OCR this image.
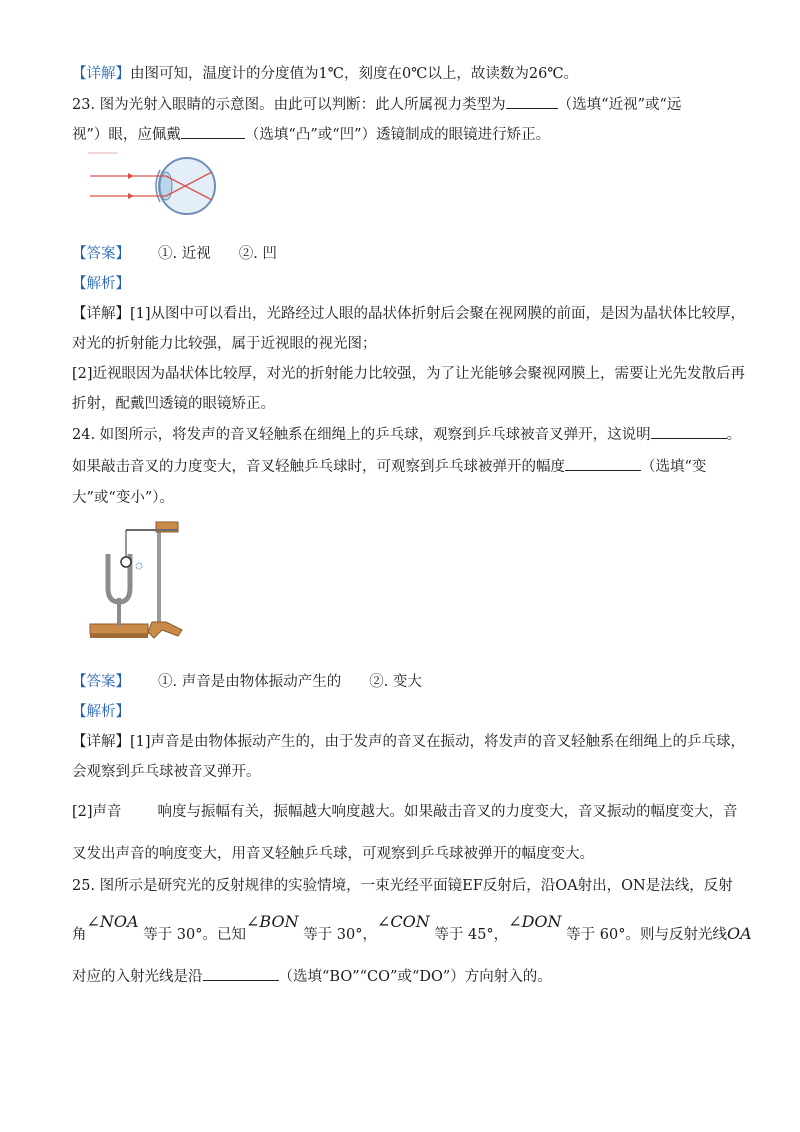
【详解】由图可知，温度计的分度值为1℃，刻度在0℃以上，故读数为26℃。
23. 图为光射入眼睛的示意图。由此可以判断：此人所属视力类型为	（选填“近视”或“远
视”）眼，应佩戴	（选填“凸”或“凹”）透镜制成的眼镜进行矫正。
【答案】 ①. 近视 ②. 凹
【解析】
【详解】[1]从图中可以看出，光路经过人眼的晶状体折射后会聚在视网膜的前面，是因为晶状体比较厚，
对光的折射能力比较强，属于近视眼的视光图；
[2]近视眼因为晶状体比较厚，对光的折射能力比较强，为了让光能够会聚视网膜上，需要让光先发散后再
折射，配戴凹透镜的眼镜矫正。
24. 如图所示，将发声的音叉轻触系在细绳上的乒乓球，观察到乒乓球被音叉弹开，这说明	。
如果敲击音叉的力度变大，音叉轻触乒乓球时，可观察到乒乓球被弹开的幅度	（选填“变
大”或“变小”）。
【答案】 ①. 声音是由物体振动产生的 ②. 变大
【解析】
【详解】[1]声音是由物体振动产生的，由于发声的音叉在振动，将发声的音叉轻触系在细绳上的乒乓球，
会观察到乒乓球被音叉弹开。
[2]声音 响度与振幅有关，振幅越大响度越大。如果敲击音叉的力度变大，音叉振动的幅度变大，音
叉发出声音的响度变大，用音叉轻触乒乓球，可观察到乒乓球被弹开的幅度变大。
25. 图所示是研究光的反射规律的实验情境，一束光经平面镜EF反射后，沿OA射出，ON是法线，反射
角∠NOA 等于 30°。已知∠BON 等于 30°，∠CON 等于 45°，∠DON 等于 60°。则与反射光线OA
对应的入射光线是沿	（选填“BO”“CO”或“DO”）方向射入的。
